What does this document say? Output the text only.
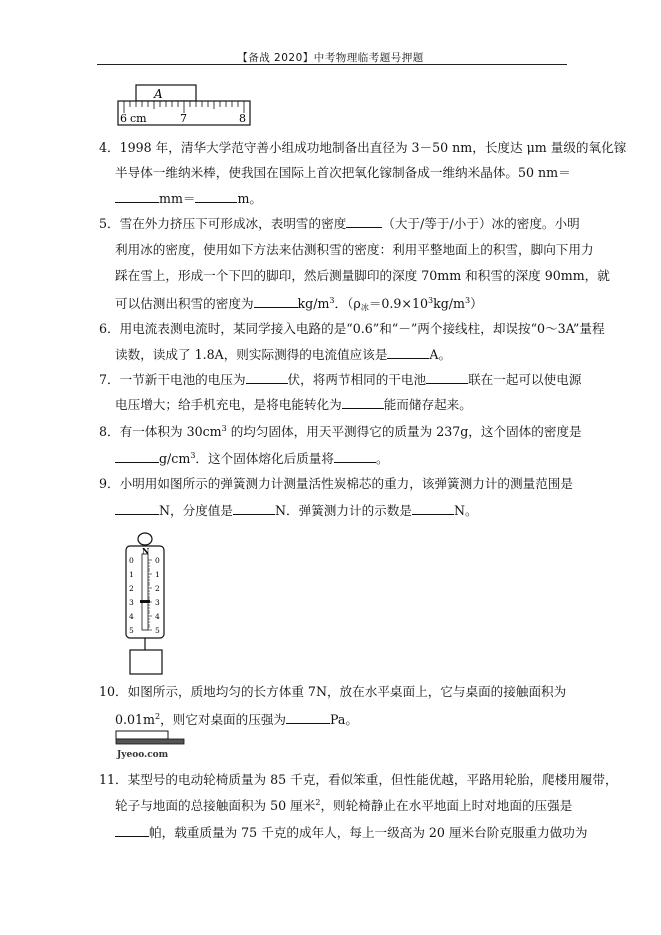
【备战 2020】中考物理临考题号押题
A
6 cm	7	8
4．1998 年，清华大学范守善小组成功地制备出直径为 3－50 nm，长度达 μm 量级的氧化镓
半导体一维纳米棒，使我国在国际上首次把氧化镓制备成一维纳米晶体。50 nm＝
mm＝	m。
5．雪在外力挤压下可形成冰，表明雪的密度	（大于/等于/小于）冰的密度。小明
利用冰的密度，使用如下方法来估测积雪的密度：利用平整地面上的积雪，脚向下用力
踩在雪上，形成一个下凹的脚印，然后测量脚印的深度 70mm 和积雪的深度 90mm，就
可以估测出积雪的密度为	$kg/m^3$．$(\rho_冰=0.9\times 10^3kg/m^3)$
6．用电流表测电流时，某同学接入电路的是“0.6”和“－”两个接线柱，却误按“0～3A”量程
读数，读成了 1.8A，则实际测得的电流值应该是	A。
7．一节新干电池的电压为	伏，将两节相同的干电池	联在一起可以使电源
电压增大；给手机充电，是将电能转化为	能而储存起来。
8．有一体积为 $30cm^3$ 的均匀固体，用天平测得它的质量为 237g，这个固体的密度是
$g/cm^3$．这个固体熔化后质量将	。
9．小明用如图所示的弹簧测力计测量活性炭棉芯的重力，该弹簧测力计的测量范围是
N，分度值是	N．弹簧测力计的示数是	N。
N
0
1
2
3
4
5
0
1
2
3
4
5
10．如图所示，质地均匀的长方体重 7N，放在水平桌面上，它与桌面的接触面积为
$0.01m^2$，则它对桌面的压强为	Pa。
Jyeoo.com
11．某型号的电动轮椅质量为 85 千克，看似笨重，但性能优越，平路用轮胎，爬楼用履带，
轮子与地面的总接触面积为 50 厘米$^2$，则轮椅静止在水平地面上时对地面的压强是
帕，载重质量为 75 千克的成年人，每上一级高为 20 厘米台阶克服重力做功为
